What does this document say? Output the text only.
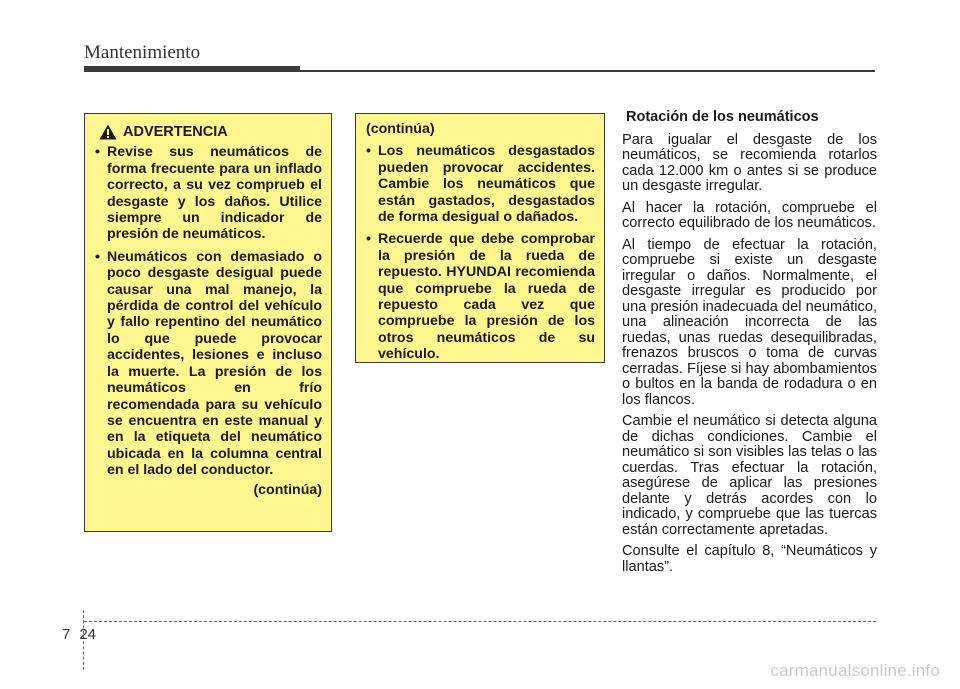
Mantenimiento
ADVERTENCIA
• Revise sus neumáticos de forma frecuente para un inflado correcto, a su vez comprueb el desgaste y los daños. Utilice siempre un indicador de presión de neumáticos.
• Neumáticos con demasiado o poco desgaste desigual puede causar una mal manejo, la pérdida de control del vehículo y fallo repentino del neumático lo que puede provocar accidentes, lesiones e incluso la muerte. La presión de los neumáticos en frío recomendada para su vehículo se encuentra en este manual y en la etiqueta del neumático ubicada en la columna central en el lado del conductor.
(continúa)
(continúa)
• Los neumáticos desgastados pueden provocar accidentes. Cambie los neumáticos que están gastados, desgastados de forma desigual o dañados.
• Recuerde que debe comprobar la presión de la rueda de repuesto. HYUNDAI recomienda que compruebe la rueda de repuesto cada vez que compruebe la presión de los otros neumáticos de su vehículo.
Rotación de los neumáticos

Para igualar el desgaste de los neumáticos, se recomienda rotarlos cada 12.000 km o antes si se produce un desgaste irregular.

Al hacer la rotación, compruebe el correcto equilibrado de los neumáticos.

Al tiempo de efectuar la rotación, compruebe si existe un desgaste irregular o daños. Normalmente, el desgaste irregular es producido por una presión inadecuada del neumático, una alineación incorrecta de las ruedas, unas ruedas desequilibradas, frenazos bruscos o toma de curvas cerradas. Fíjese si hay abombamientos o bultos en la banda de rodadura o en los flancos.

Cambie el neumático si detecta alguna de dichas condiciones. Cambie el neumático si son visibles las telas o las cuerdas. Tras efectuar la rotación, asegúrese de aplicar las presiones delante y detrás acordes con lo indicado, y compruebe que las tuercas están correctamente apretadas.

Consulte el capítulo 8, “Neumáticos y llantas”.

7 24
carmanualsonline.info
